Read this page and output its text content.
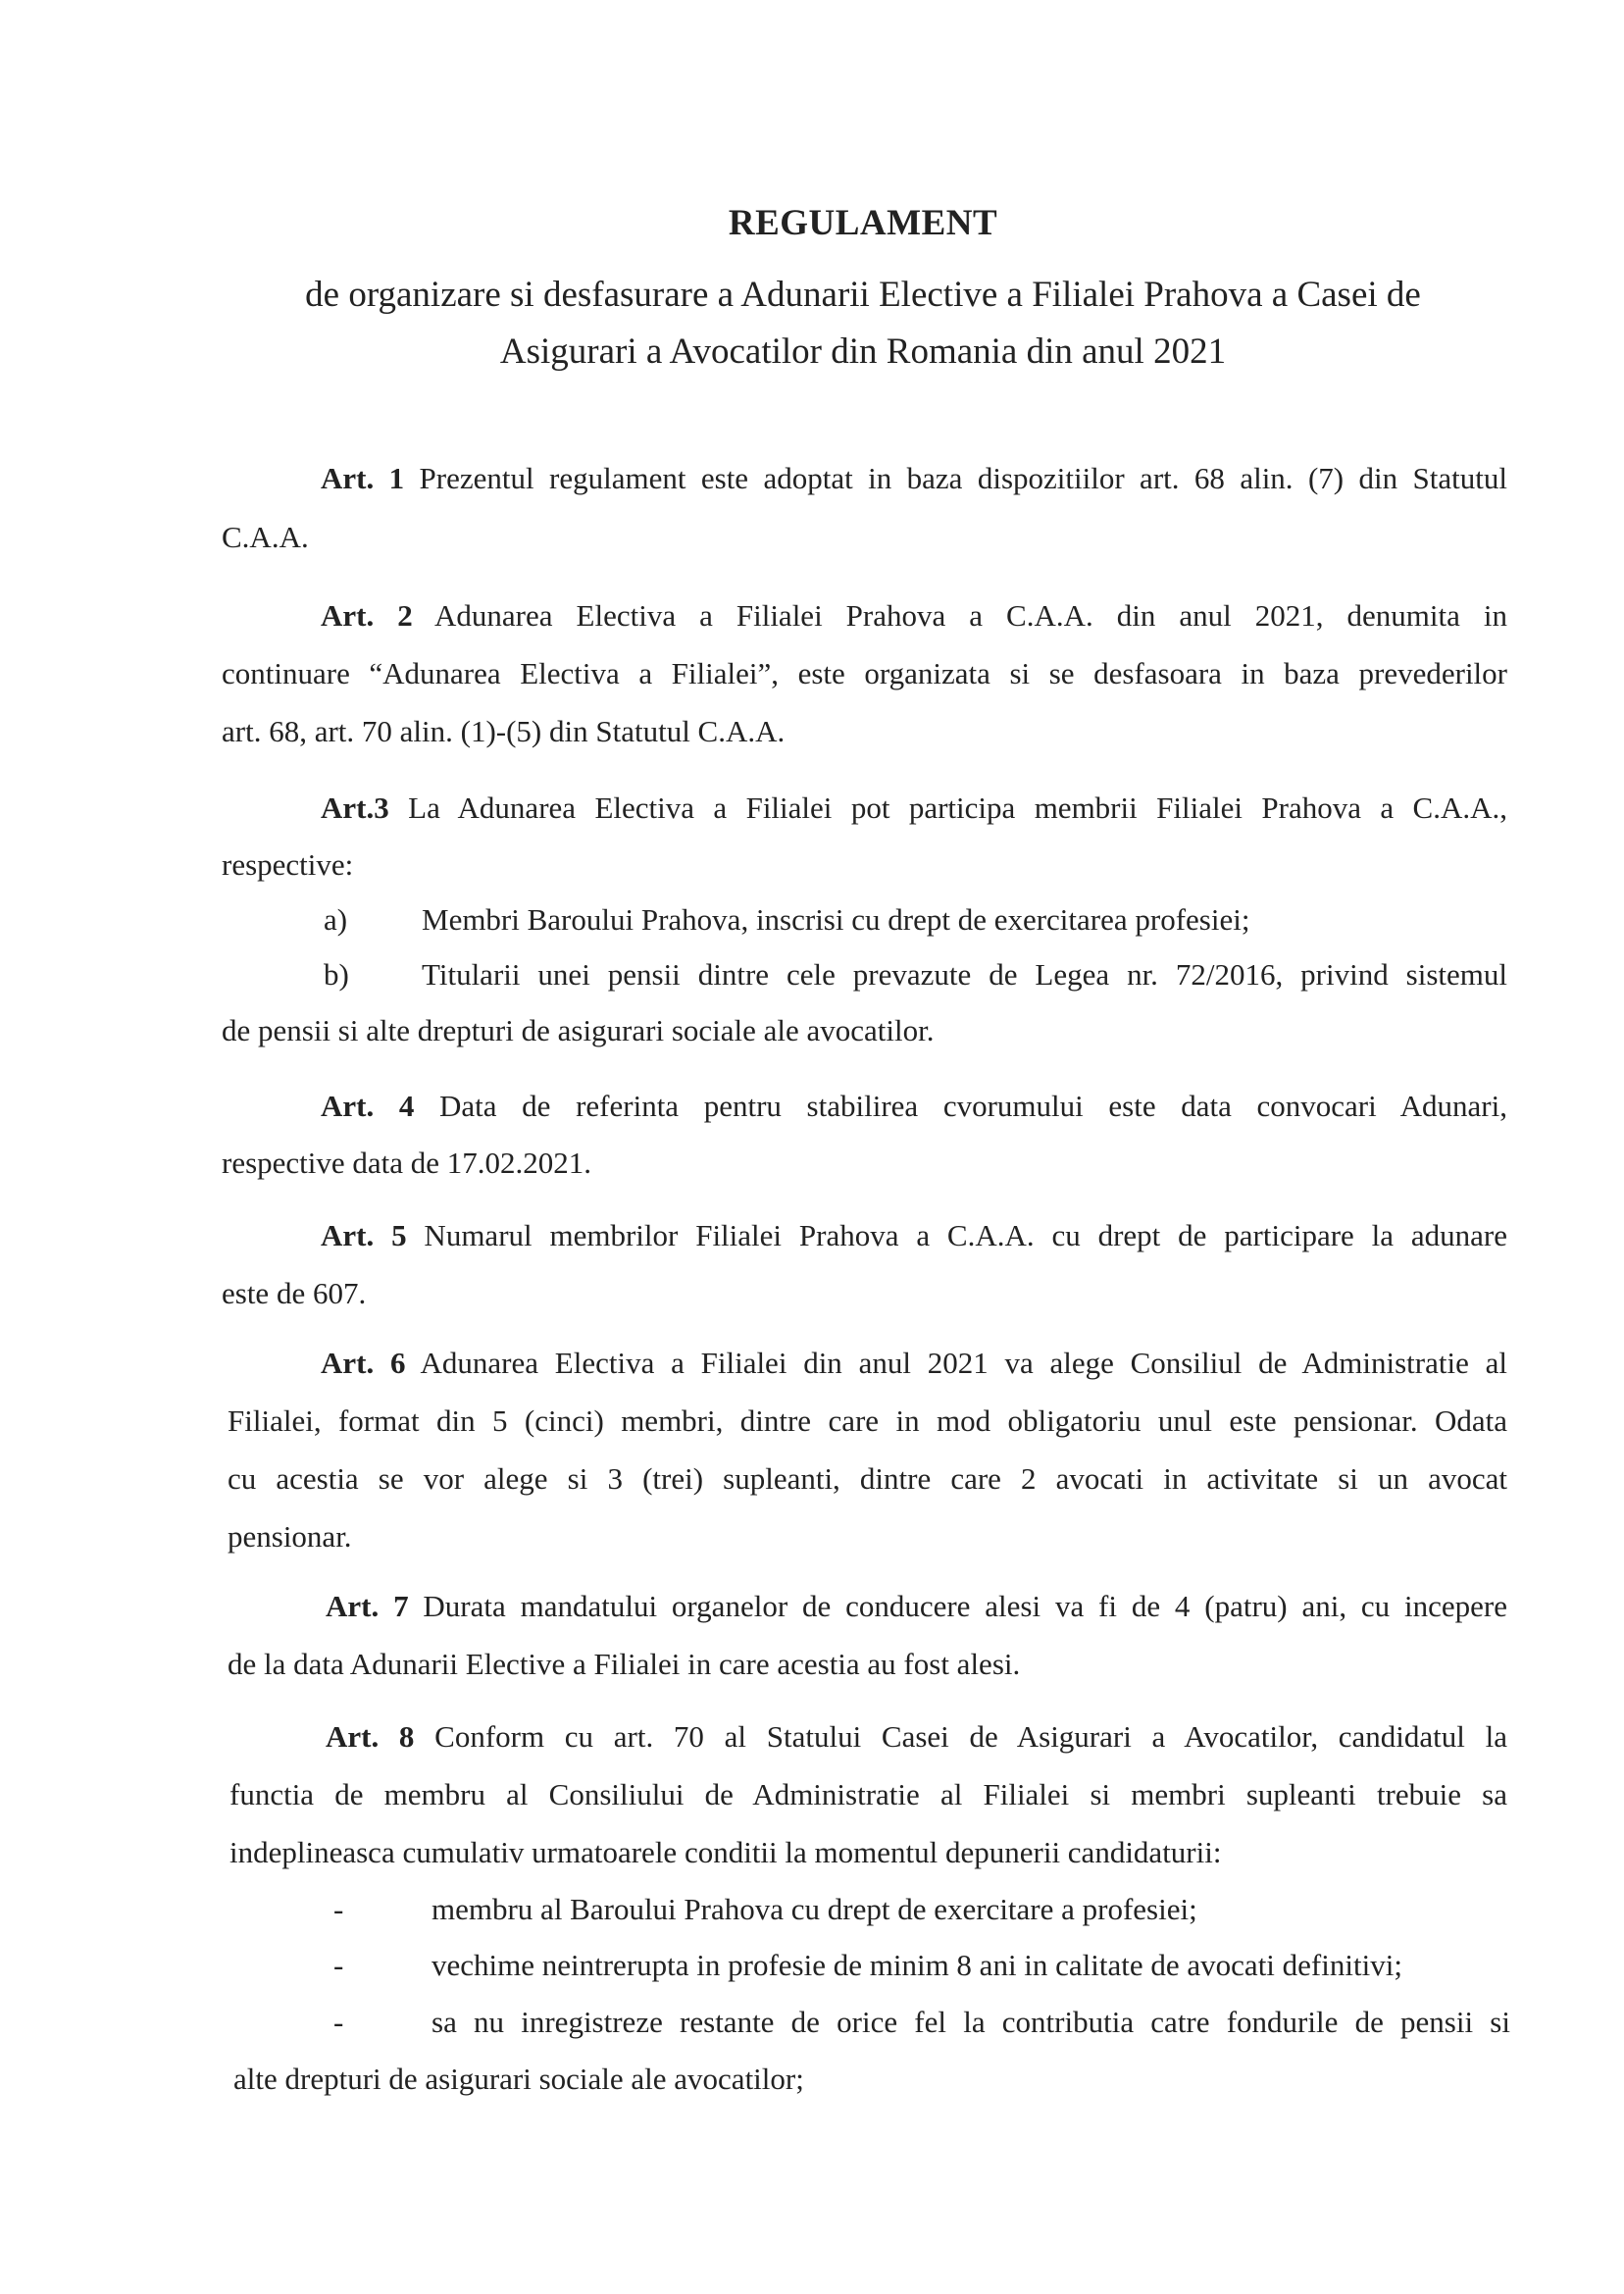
REGULAMENT
de organizare si desfasurare a Adunarii Elective a Filialei Prahova a Casei de
Asigurari a Avocatilor din Romania din anul 2021
Art. 1 Prezentul regulament este adoptat in baza dispozitiilor art. 68 alin. (7) din Statutul
C.A.A.
Art. 2 Adunarea Electiva a Filialei Prahova a C.A.A. din anul 2021, denumita in
continuare “Adunarea Electiva a Filialei”, este organizata si se desfasoara in baza prevederilor
art. 68, art. 70 alin. (1)-(5) din Statutul C.A.A.
Art.3 La Adunarea Electiva a Filialei pot participa membrii Filialei Prahova a C.A.A.,
respective:
a) Membri Baroului Prahova, inscrisi cu drept de exercitarea profesiei;
b) Titularii unei pensii dintre cele prevazute de Legea nr. 72/2016, privind sistemul
de pensii si alte drepturi de asigurari sociale ale avocatilor.
Art. 4 Data de referinta pentru stabilirea cvorumului este data convocari Adunari,
respective data de 17.02.2021.
Art. 5 Numarul membrilor Filialei Prahova a C.A.A. cu drept de participare la adunare
este de 607.
Art. 6 Adunarea Electiva a Filialei din anul 2021 va alege Consiliul de Administratie al
Filialei, format din 5 (cinci) membri, dintre care in mod obligatoriu unul este pensionar. Odata
cu acestia se vor alege si 3 (trei) supleanti, dintre care 2 avocati in activitate si un avocat
pensionar.
Art. 7 Durata mandatului organelor de conducere alesi va fi de 4 (patru) ani, cu incepere
de la data Adunarii Elective a Filialei in care acestia au fost alesi.
Art. 8 Conform cu art. 70 al Statului Casei de Asigurari a Avocatilor, candidatul la
functia de membru al Consiliului de Administratie al Filialei si membri supleanti trebuie sa
indeplineasca cumulativ urmatoarele conditii la momentul depunerii candidaturii:
-	membru al Baroului Prahova cu drept de exercitare a profesiei;
-	vechime neintrerupta in profesie de minim 8 ani in calitate de avocati definitivi;
-	sa nu inregistreze restante de orice fel la contributia catre fondurile de pensii si
alte drepturi de asigurari sociale ale avocatilor;
